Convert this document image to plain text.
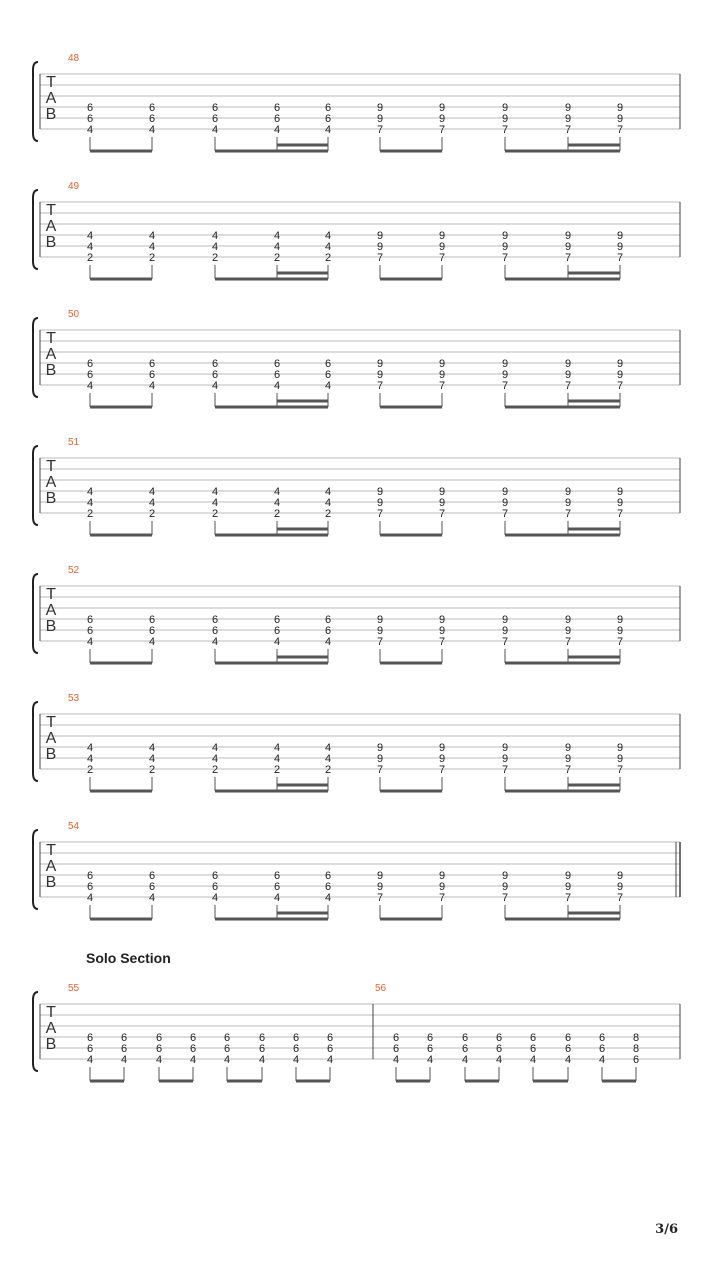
T
A
B
48
6
6
4
6
6
4
6
6
4
6
6
4
6
6
4
9
9
7
9
9
7
9
9
7
9
9
7
9
9
7
T
A
B
49
4
4
2
4
4
2
4
4
2
4
4
2
4
4
2
9
9
7
9
9
7
9
9
7
9
9
7
9
9
7
T
A
B
50
6
6
4
6
6
4
6
6
4
6
6
4
6
6
4
9
9
7
9
9
7
9
9
7
9
9
7
9
9
7
T
A
B
51
4
4
2
4
4
2
4
4
2
4
4
2
4
4
2
9
9
7
9
9
7
9
9
7
9
9
7
9
9
7
T
A
B
52
6
6
4
6
6
4
6
6
4
6
6
4
6
6
4
9
9
7
9
9
7
9
9
7
9
9
7
9
9
7
T
A
B
53
4
4
2
4
4
2
4
4
2
4
4
2
4
4
2
9
9
7
9
9
7
9
9
7
9
9
7
9
9
7
T
A
B
54
6
6
4
6
6
4
6
6
4
6
6
4
6
6
4
9
9
7
9
9
7
9
9
7
9
9
7
9
9
7
T
A
B
55
6
6
4
6
6
4
6
6
4
6
6
4
6
6
4
6
6
4
6
6
4
6
6
4
56
6
6
4
6
6
4
6
6
4
6
6
4
6
6
4
6
6
4
6
6
4
8
8
6
Solo Section
3/6
